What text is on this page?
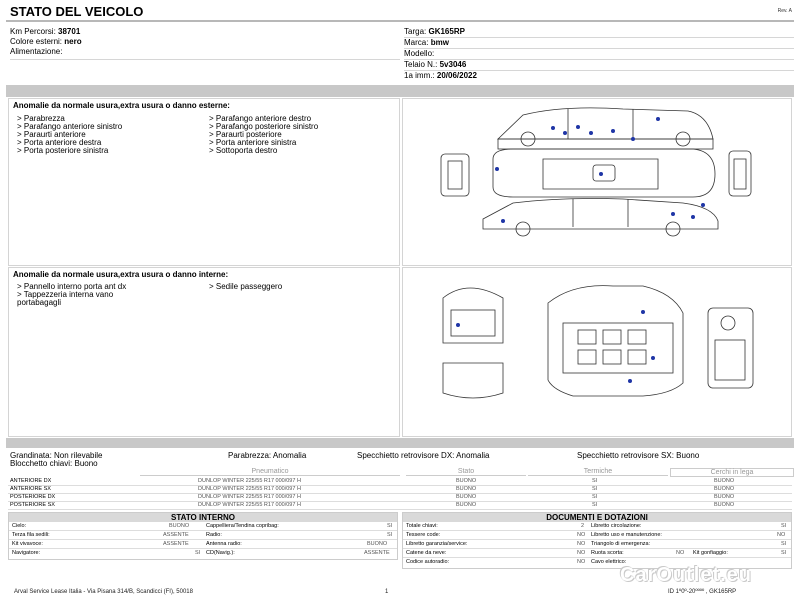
STATO DEL VEICOLO	Rev. A
Km Percorsi: 38701
Colore esterni: nero
Alimentazione:
Targa: GK165RP
Marca: bmw
Modello:
Telaio N.: 5v3046
1a imm.: 20/06/2022
Anomalie da normale usura,extra usura o danno esterne:
> Parabrezza
> Parafango anteriore sinistro
> Paraurti anteriore
> Porta anteriore destra
> Porta posteriore sinistra
> Parafango anteriore destro
> Parafango posteriore sinistro
> Paraurti posteriore
> Porta anteriore sinistra
> Sottoporta destro
Anomalie da normale usura,extra usura o danno interne:
> Pannello interno porta ant dx
> Tappezzeria interna vano
portabagagli
> Sedile passeggero
Grandinata: Non rilevabile
Blocchetto chiavi: Buono
Parabrezza: Anomalia	Specchietto retrovisore DX: Anomalia	Specchietto retrovisore SX: Buono
Pneumatico	Stato	Termiche	Cerchi in lega
ANTERIORE DX	DUNLOP WINTER 225/55 R17 000/097 H	BUONO	SI	BUONO
ANTERIORE SX	DUNLOP WINTER 225/55 R17 000/097 H	BUONO	SI	BUONO
POSTERIORE DX	DUNLOP WINTER 225/55 R17 000/097 H	BUONO	SI	BUONO
POSTERIORE SX	DUNLOP WINTER 225/55 R17 000/097 H	BUONO	SI	BUONO
STATO INTERNO
Cielo:	BUONO	Cappelliera/Tendina copribag:	SI
Terza fila sedili:	ASSENTE	Radio:	SI
Kit vivavoce:	ASSENTE	Antenna radio:	BUONO
Navigatore:	SI CD(Navig.):	ASSENTE
DOCUMENTI E DOTAZIONI
Totale chiavi:	2 Libretto circolazione:	SI
Tessere code:	NO Libretto uso e manutenzione:	NO
Libretto garanzia/service:	NO Triangolo di emergenza:	SI
Catene da neve:	NO Ruota scorta:	NO Kit gonfiaggio:	SI
Codice autoradio:	NO Cavo elettrico:
Arval Service Lease Italia - Via Pisana 314/B, Scandicci (FI), 50018	1	ID 1º0º-20ºººº , GK165RP
CarOutlet.eu
